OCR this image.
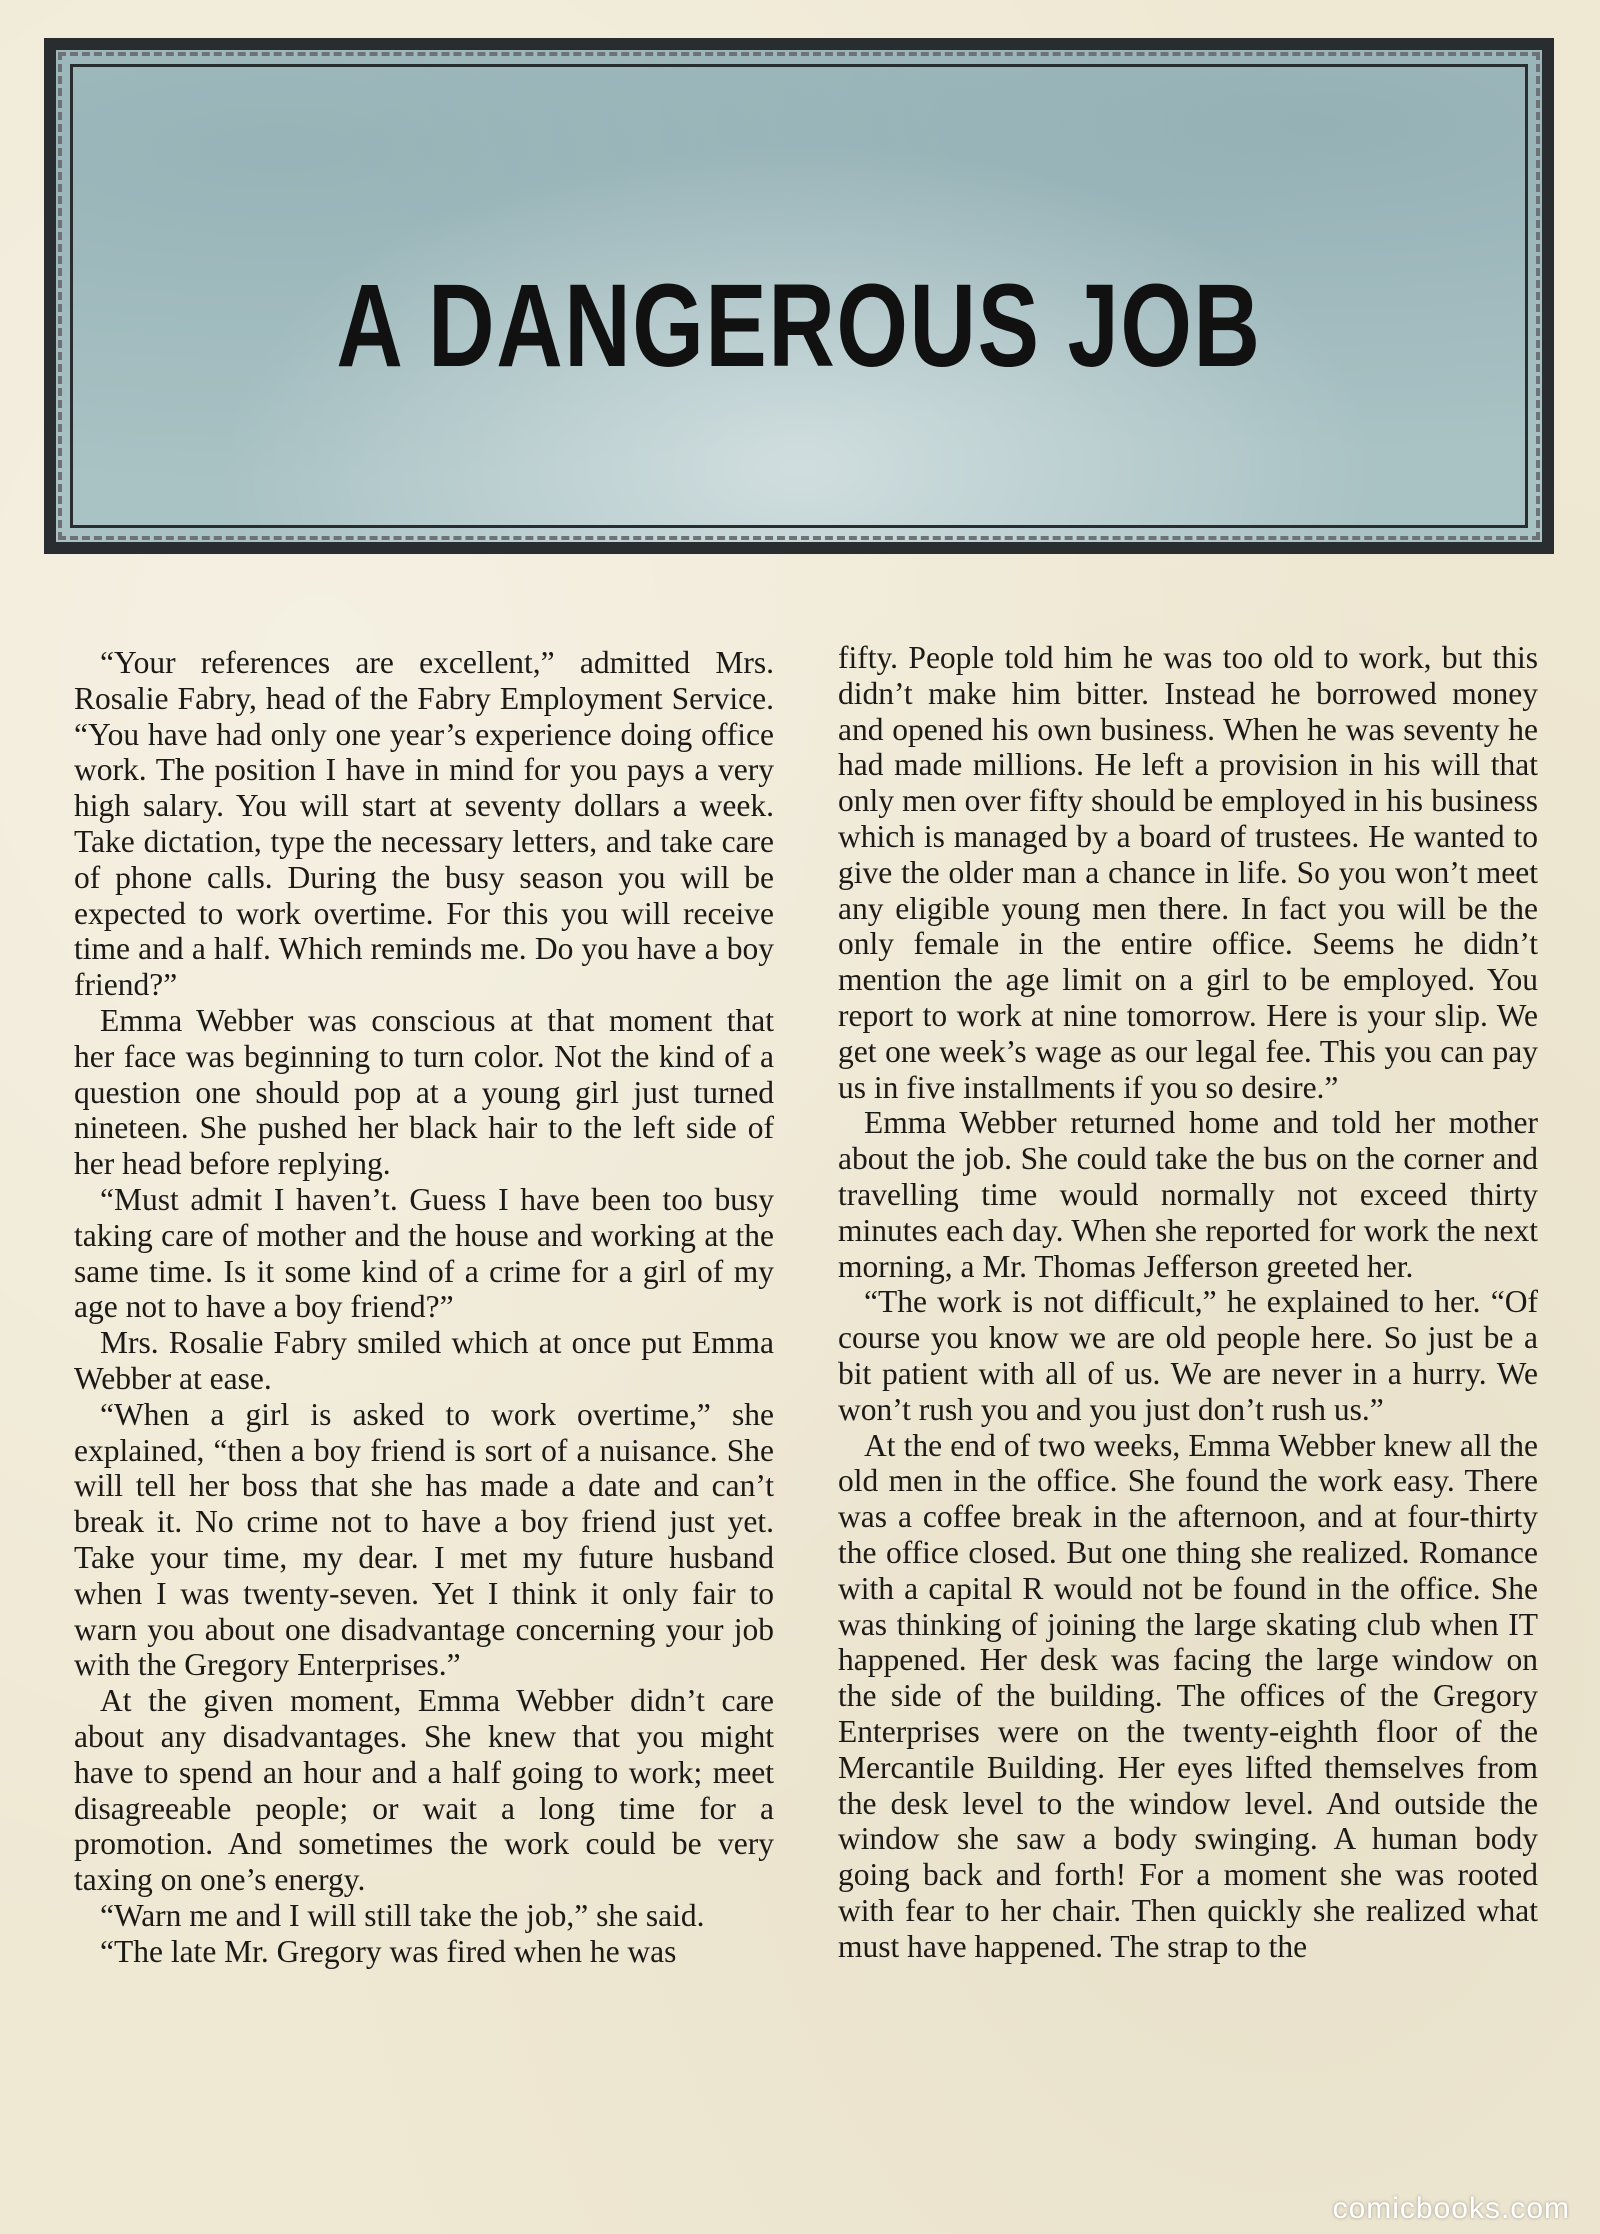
A DANGEROUS JOB

“Your references are excellent,” admitted Mrs. Rosalie Fabry, head of the Fabry Employment Service. “You have had only one year’s experience doing office work. The position I have in mind for you pays a very high salary. You will start at seventy dollars a week. Take dictation, type the necessary letters, and take care of phone calls. During the busy season you will be expected to work overtime. For this you will receive time and a half. Which reminds me. Do you have a boy friend?”

Emma Webber was conscious at that moment that her face was beginning to turn color. Not the kind of a question one should pop at a young girl just turned nineteen. She pushed her black hair to the left side of her head before replying.

“Must admit I haven’t. Guess I have been too busy taking care of mother and the house and working at the same time. Is it some kind of a crime for a girl of my age not to have a boy friend?”

Mrs. Rosalie Fabry smiled which at once put Emma Webber at ease.

“When a girl is asked to work overtime,” she explained, “then a boy friend is sort of a nuisance. She will tell her boss that she has made a date and can’t break it. No crime not to have a boy friend just yet. Take your time, my dear. I met my future husband when I was twenty-seven. Yet I think it only fair to warn you about one disadvantage concerning your job with the Gregory Enterprises.”

At the given moment, Emma Webber didn’t care about any disadvantages. She knew that you might have to spend an hour and a half going to work; meet disagreeable people; or wait a long time for a promotion. And sometimes the work could be very taxing on one’s energy.

“Warn me and I will still take the job,” she said.

“The late Mr. Gregory was fired when he was

fifty. People told him he was too old to work, but this didn’t make him bitter. Instead he borrowed money and opened his own business. When he was seventy he had made millions. He left a provision in his will that only men over fifty should be employed in his business which is managed by a board of trustees. He wanted to give the older man a chance in life. So you won’t meet any eligible young men there. In fact you will be the only female in the entire office. Seems he didn’t mention the age limit on a girl to be employed. You report to work at nine tomorrow. Here is your slip. We get one week’s wage as our legal fee. This you can pay us in five installments if you so desire.”

Emma Webber returned home and told her mother about the job. She could take the bus on the corner and travelling time would normally not exceed thirty minutes each day. When she reported for work the next morning, a Mr. Thomas Jefferson greeted her.

“The work is not difficult,” he explained to her. “Of course you know we are old people here. So just be a bit patient with all of us. We are never in a hurry. We won’t rush you and you just don’t rush us.”

At the end of two weeks, Emma Webber knew all the old men in the office. She found the work easy. There was a coffee break in the afternoon, and at four-thirty the office closed. But one thing she realized. Romance with a capital R would not be found in the office. She was thinking of joining the large skating club when IT happened. Her desk was facing the large window on the side of the building. The offices of the Gregory Enterprises were on the twenty-eighth floor of the Mercantile Building. Her eyes lifted themselves from the desk level to the window level. And outside the window she saw a body swinging. A human body going back and forth! For a moment she was rooted with fear to her chair. Then quickly she realized what must have happened. The strap to the

comicbooks.com
